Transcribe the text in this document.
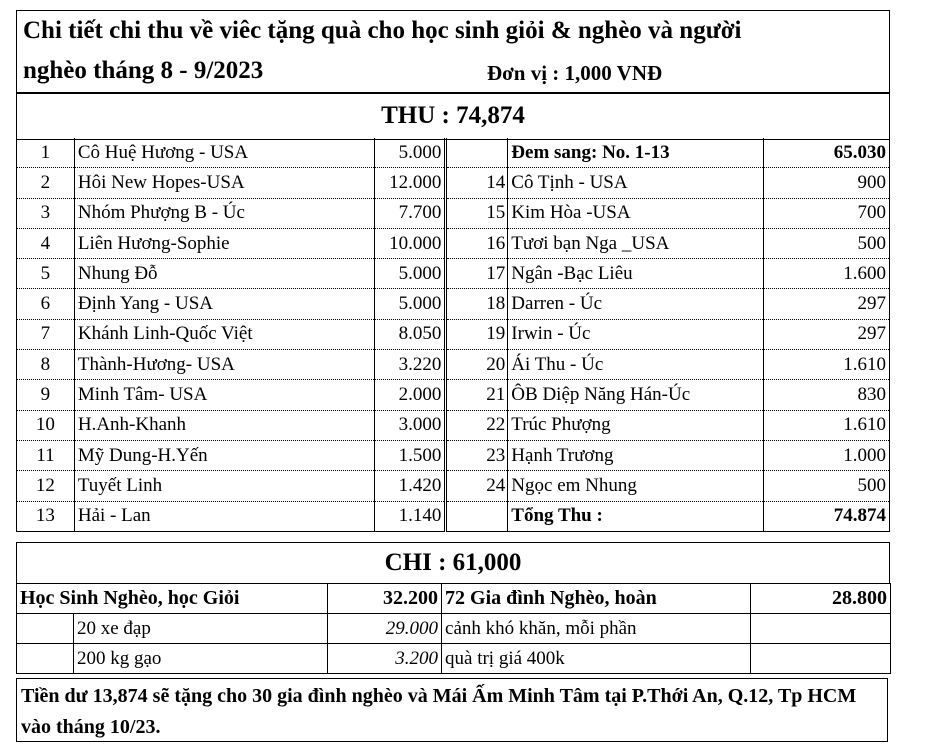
Chi tiết chi thu về viêc tặng quà cho học sinh giỏi & nghèo và người
nghèo tháng 8 - 9/2023	Đơn vị : 1,000 VNĐ
THU : 74,874
1	Cô Huệ Hương - USA	5.000		Đem sang: No. 1-13	65.030
2	Hôi New Hopes-USA	12.000	14	Cô Tịnh - USA	900
3	Nhóm Phượng B - Úc	7.700	15	Kim Hòa -USA	700
4	Liên Hương-Sophie	10.000	16	Tươi bạn Nga _USA	500
5	Nhung Đỗ	5.000	17	Ngân -Bạc Liêu	1.600
6	Định Yang - USA	5.000	18	Darren - Úc	297
7	Khánh Linh-Quốc Việt	8.050	19	Irwin - Úc	297
8	Thành-Hương- USA	3.220	20	Ái Thu - Úc	1.610
9	Minh Tâm- USA	2.000	21	ÔB Diệp Năng Hán-Úc	830
10	H.Anh-Khanh	3.000	22	Trúc Phượng	1.610
11	Mỹ Dung-H.Yến	1.500	23	Hạnh Trương	1.000
12	Tuyết Linh	1.420	24	Ngọc em Nhung	500
13	Hải - Lan	1.140		Tổng Thu :	74.874
CHI : 61,000
Học Sinh Nghèo, học Giỏi		32.200	72 Gia đình Nghèo, hoàn	28.800
	20 xe đạp	29.000	cảnh khó khăn, mỗi phần	
	200 kg gạo	3.200	quà trị giá 400k	
Tiền dư 13,874 sẽ tặng cho 30 gia đình nghèo và Mái Ấm Minh Tâm tại P.Thới An, Q.12, Tp HCM vào tháng 10/23.
